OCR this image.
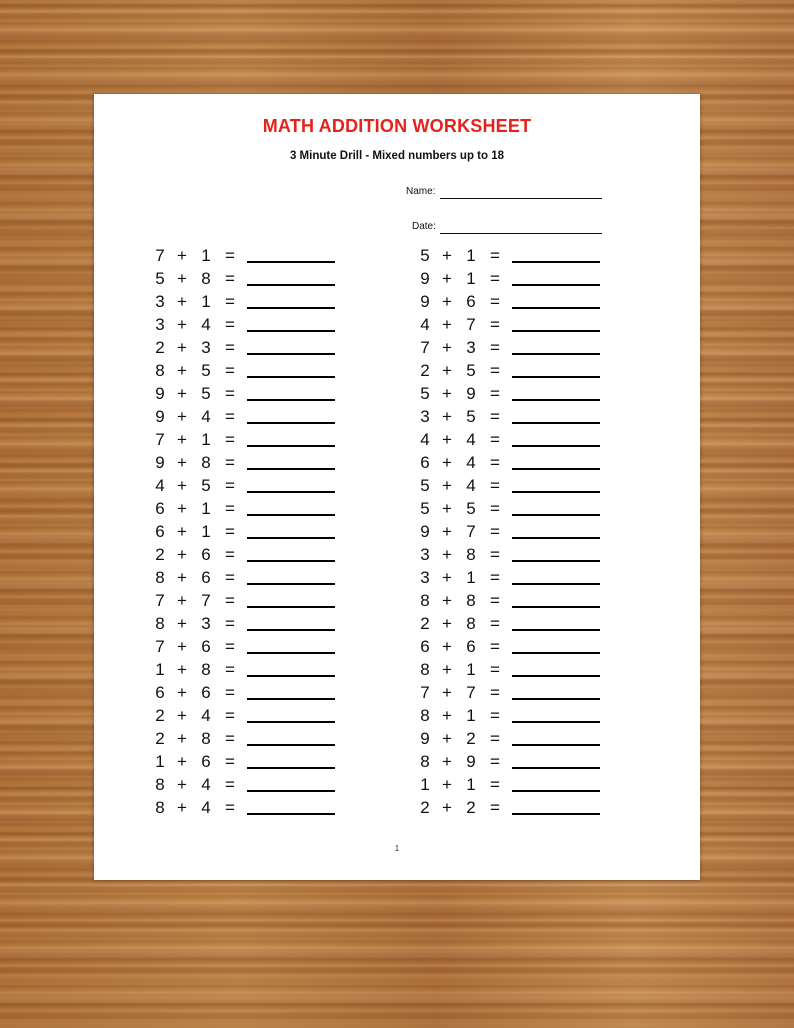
MATH ADDITION WORKSHEET
3 Minute Drill - Mixed numbers up to 18
Name:
Date:
7 + 1 =
5 + 8 =
3 + 1 =
3 + 4 =
2 + 3 =
8 + 5 =
9 + 5 =
9 + 4 =
7 + 1 =
9 + 8 =
4 + 5 =
6 + 1 =
6 + 1 =
2 + 6 =
8 + 6 =
7 + 7 =
8 + 3 =
7 + 6 =
1 + 8 =
6 + 6 =
2 + 4 =
2 + 8 =
1 + 6 =
8 + 4 =
8 + 4 =
5 + 1 =
9 + 1 =
9 + 6 =
4 + 7 =
7 + 3 =
2 + 5 =
5 + 9 =
3 + 5 =
4 + 4 =
6 + 4 =
5 + 4 =
5 + 5 =
9 + 7 =
3 + 8 =
3 + 1 =
8 + 8 =
2 + 8 =
6 + 6 =
8 + 1 =
7 + 7 =
8 + 1 =
9 + 2 =
8 + 9 =
1 + 1 =
2 + 2 =
1
